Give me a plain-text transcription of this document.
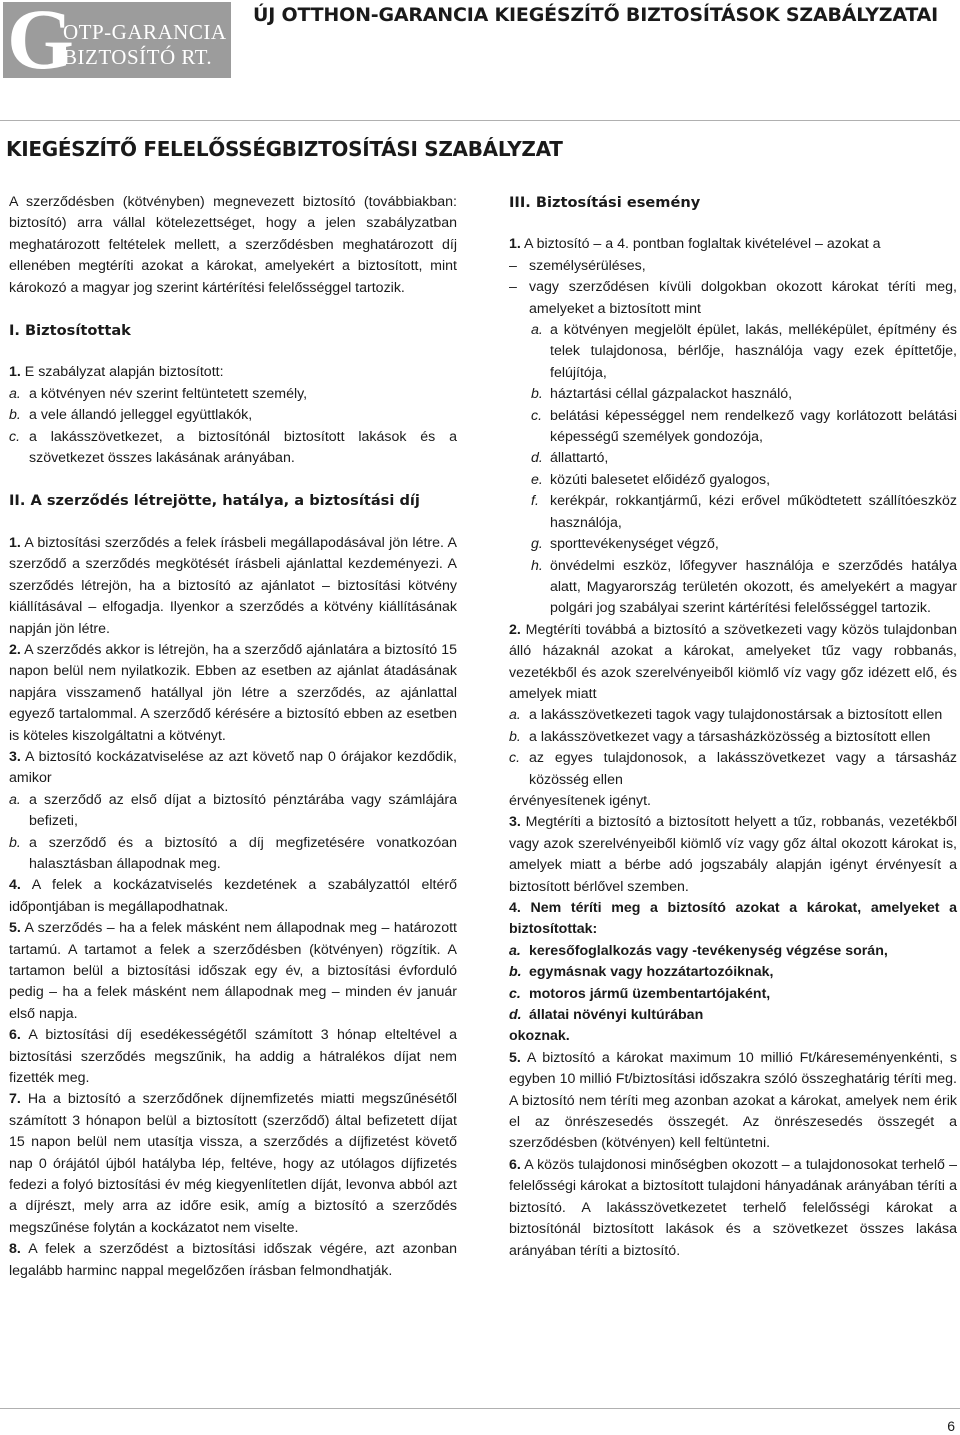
G
OTP-GARANCIA
BIZTOSÍTÓ RT.
ÚJ OTTHON-GARANCIA KIEGÉSZÍTŐ BIZTOSÍTÁSOK SZABÁLYZATAI
KIEGÉSZÍTŐ FELELŐSSÉGBIZTOSÍTÁSI SZABÁLYZAT

A szerződésben (kötvényben) megnevezett biztosító (továbbiakban: biztosító) arra vállal kötelezettséget, hogy a jelen szabályzatban meghatározott feltételek mellett, a szerződésben meghatározott díj ellenében megtéríti azokat a károkat, amelyekért a biztosított, mint károkozó a magyar jog szerint kártérítési felelősséggel tartozik.

I. Biztosítottak

1. E szabályzat alapján biztosított:

a. a kötvényen név szerint feltüntetett személy,
b. a vele állandó jelleggel együttlakók,
c. a lakásszövetkezet, a biztosítónál biztosított lakások és a szövetkezet összes lakásának arányában.

II. A szerződés létrejötte, hatálya, a biztosítási díj

1. A biztosítási szerződés a felek írásbeli megállapodásával jön létre. A szerződő a szerződés megkötését írásbeli ajánlattal kezdeményezi. A szerződés létrejön, ha a biztosító az ajánlatot – biztosítási kötvény kiállításával – elfogadja. Ilyenkor a szerződés a kötvény kiállításának napján jön létre.

2. A szerződés akkor is létrejön, ha a szerződő ajánlatára a biztosító 15 napon belül nem nyilatkozik. Ebben az esetben az ajánlat átadásának napjára visszamenő hatállyal jön létre a szerződés, az ajánlattal egyező tartalommal. A szerződő kérésére a biztosító ebben az esetben is köteles kiszolgáltatni a kötvényt.

3. A biztosító kockázatviselése az azt követő nap 0 órájakor kezdődik, amikor

a. a szerződő az első díjat a biztosító pénztárába vagy számlájára befizeti,
b. a szerződő és a biztosító a díj megfizetésére vonatkozóan halasztásban állapodnak meg.

4. A felek a kockázatviselés kezdetének a szabályzattól eltérő időpontjában is megállapodhatnak.

5. A szerződés – ha a felek másként nem állapodnak meg – határozott tartamú. A tartamot a felek a szerződésben (kötvényen) rögzítik. A tartamon belül a biztosítási időszak egy év, a biztosítási évforduló pedig – ha a felek másként nem állapodnak meg – minden év január első napja.

6. A biztosítási díj esedékességétől számított 3 hónap elteltével a biztosítási szerződés megszűnik, ha addig a hátralékos díjat nem fizették meg.

7. Ha a biztosító a szerződőnek díjnemfizetés miatti megszűnésétől számított 3 hónapon belül a biztosított (szerződő) által befizetett díjat 15 napon belül nem utasítja vissza, a szerződés a díjfizetést követő nap 0 órájától újból hatályba lép, feltéve, hogy az utólagos díjfizetés fedezi a folyó biztosítási év még kiegyenlítetlen díját, levonva abból azt a díjrészt, mely arra az időre esik, amíg a biztosító a szerződés megszűnése folytán a kockázatot nem viselte.

8. A felek a szerződést a biztosítási időszak végére, azt azonban legalább harminc nappal megelőzően írásban felmondhatják.

III. Biztosítási esemény

1. A biztosító – a 4. pontban foglaltak kivételével – azokat a

– személysérüléses,
– vagy szerződésen kívüli dolgokban okozott károkat téríti meg, amelyeket a biztosított mint
a. a kötvényen megjelölt épület, lakás, melléképület, építmény és telek tulajdonosa, bérlője, használója vagy ezek építtetője, felújítója,
b. háztartási céllal gázpalackot használó,
c. belátási képességgel nem rendelkező vagy korlátozott belátási képességű személyek gondozója,
d. állattartó,
e. közúti balesetet előidéző gyalogos,
f. kerékpár, rokkantjármű, kézi erővel működtetett szállítóeszköz használója,
g. sporttevékenységet végző,
h. önvédelmi eszköz, lőfegyver használója e szerződés hatálya alatt, Magyarország területén okozott, és amelyekért a magyar polgári jog szabályai szerint kártérítési felelősséggel tartozik.

2. Megtéríti továbbá a biztosító a szövetkezeti vagy közös tulajdonban álló házaknál azokat a károkat, amelyeket tűz vagy robbanás, vezetékből és azok szerelvényeiből kiömlő víz vagy gőz idézett elő, és amelyek miatt

a. a lakásszövetkezeti tagok vagy tulajdonostársak a biztosított ellen
b. a lakásszövetkezet vagy a társasházközösség a biztosított ellen
c. az egyes tulajdonosok, a lakásszövetkezet vagy a társasház közösség ellen

érvényesítenek igényt.

3. Megtéríti a biztosító a biztosított helyett a tűz, robbanás, vezetékből vagy azok szerelvényeiből kiömlő víz vagy gőz által okozott károkat is, amelyek miatt a bérbe adó jogszabály alapján igényt érvényesít a biztosított bérlővel szemben.

4. Nem téríti meg a biztosító azokat a károkat, amelyeket a biztosítottak:

a. keresőfoglalkozás vagy -tevékenység végzése során,
b. egymásnak vagy hozzátartozóiknak,
c. motoros jármű üzembentartójaként,
d. állatai növényi kultúrában

okoznak.

5. A biztosító a károkat maximum 10 millió Ft/káreseményenkénti, s egyben 10 millió Ft/biztosítási időszakra szóló összeghatárig téríti meg. A biztosító nem téríti meg azonban azokat a károkat, amelyek nem érik el az önrészesedés összegét. Az önrészesedés összegét a szerződésben (kötvényen) kell feltüntetni.

6. A közös tulajdonosi minőségben okozott – a tulajdonosokat terhelő – felelősségi károkat a biztosított tulajdoni hányadának arányában téríti a biztosító. A lakásszövetkezetet terhelő felelősségi károkat a biztosítónál biztosított lakások és a szövetkezet összes lakása arányában téríti a biztosító.

6
